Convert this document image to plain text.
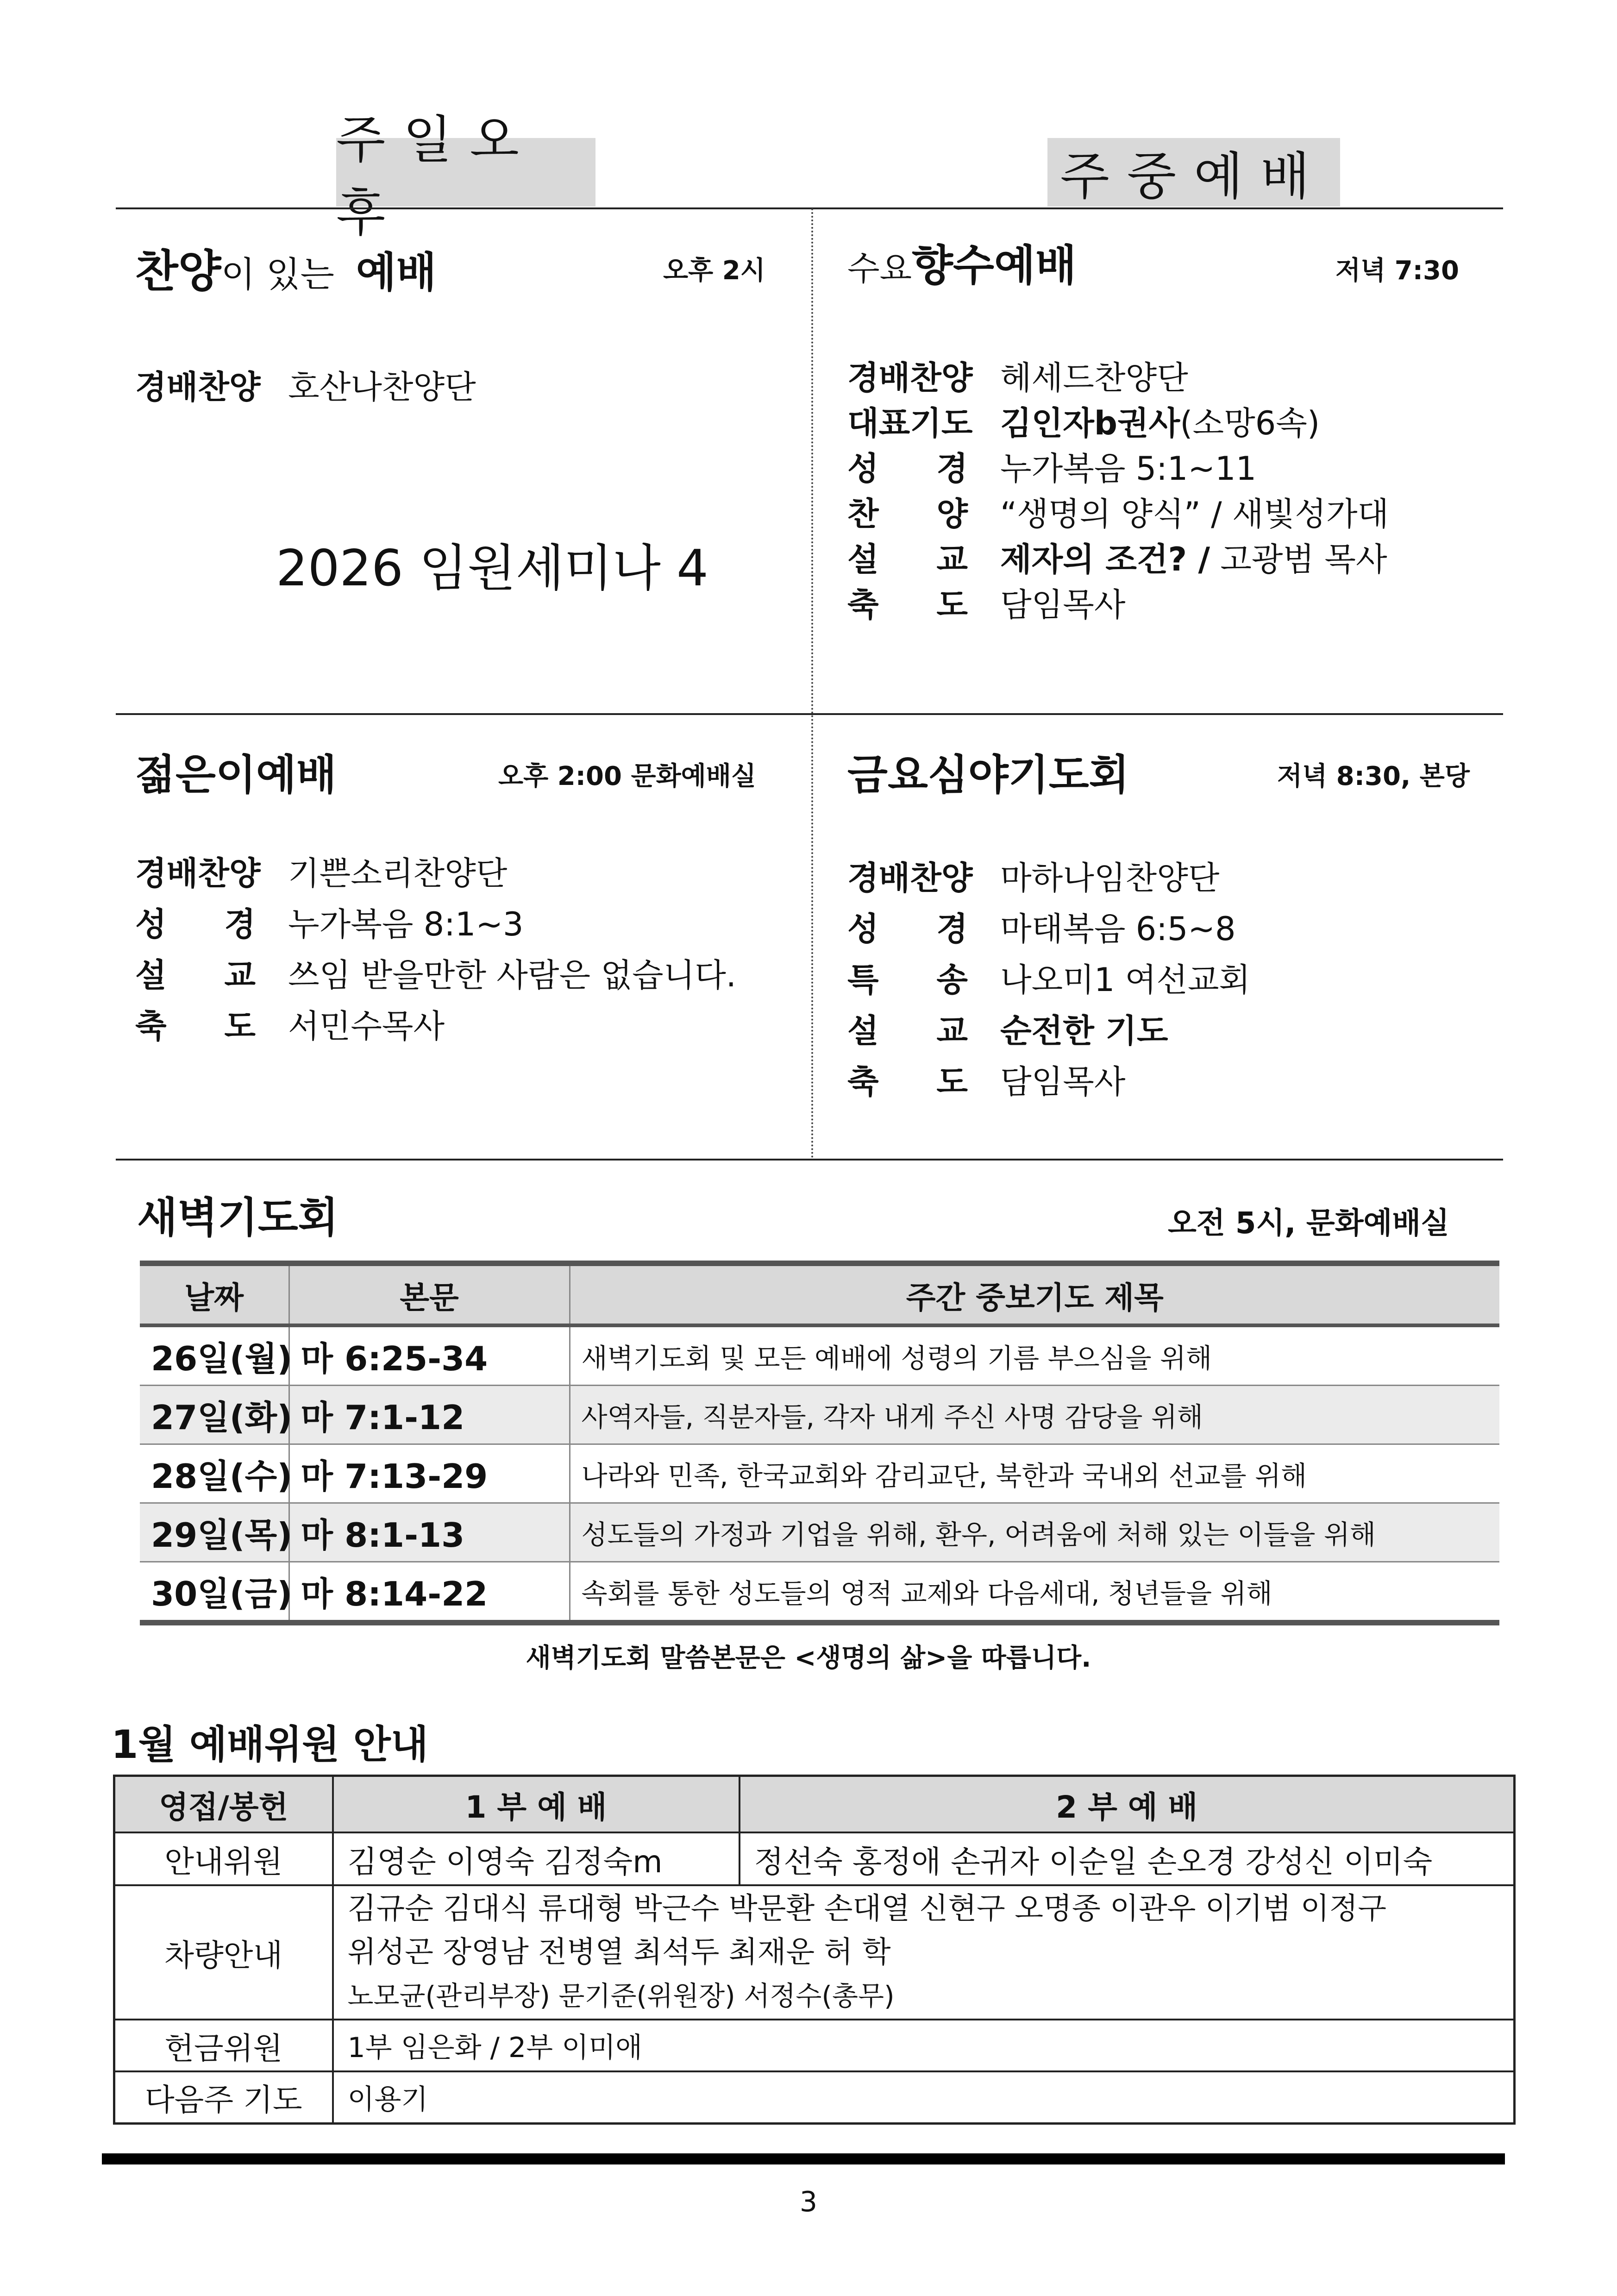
주일오후
주중예배
찬양이 있는 예배	오후 2시
경배찬양 호산나찬양단
2026 임원세미나 4
수요향수예배	저녁 7:30
경배찬양 헤세드찬양단
대표기도 김인자b권사(소망6속)
성 경 누가복음 5:1~11
찬 양 “생명의 양식” / 새빛성가대
설 교 제자의 조건? / 고광범 목사
축 도 담임목사
젊은이예배	오후 2:00 문화예배실
경배찬양 기쁜소리찬양단
성 경 누가복음 8:1~3
설 교 쓰임 받을만한 사람은 없습니다.
축 도 서민수목사
금요심야기도회	저녁 8:30, 본당
경배찬양 마하나임찬양단
성 경 마태복음 6:5~8
특 송 나오미1 여선교회
설 교 순전한 기도
축 도 담임목사
새벽기도회	오전 5시, 문화예배실
날짜	본문	주간 중보기도 제목
26일(월)	마 6:25-34	새벽기도회 및 모든 예배에 성령의 기름 부으심을 위해
27일(화)	마 7:1-12	사역자들, 직분자들, 각자 내게 주신 사명 감당을 위해
28일(수)	마 7:13-29	나라와 민족, 한국교회와 감리교단, 북한과 국내외 선교를 위해
29일(목)	마 8:1-13	성도들의 가정과 기업을 위해, 환우, 어려움에 처해 있는 이들을 위해
30일(금)	마 8:14-22	속회를 통한 성도들의 영적 교제와 다음세대, 청년들을 위해
새벽기도회 말씀본문은 <생명의 삶>을 따릅니다.
1월 예배위원 안내
영접/봉헌	1 부 예 배	2 부 예 배
안내위원	김영순 이영숙 김정숙m	정선숙 홍정애 손귀자 이순일 손오경 강성신 이미숙
차량안내	김규순 김대식 류대형 박근수 박문환 손대열 신현구 오명종 이관우 이기범 이정구
위성곤 장영남 전병열 최석두 최재운 허 학
노모균(관리부장) 문기준(위원장) 서정수(총무)	

헌금위원	1부 임은화 / 2부 이미애	
다음주 기도	이용기	
3
